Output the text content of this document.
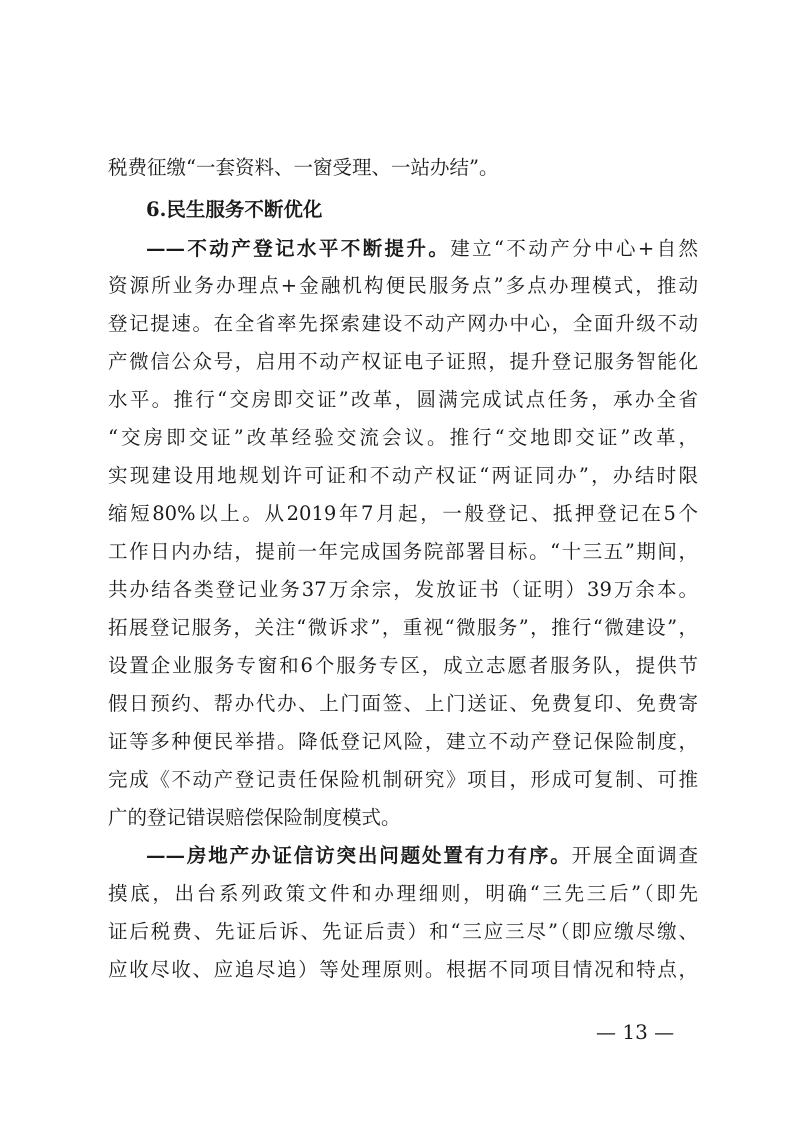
税费征缴“一套资料、一窗受理、一站办结”。
6.民生服务不断优化
——不动产登记水平不断提升。建立“不动产分中心+自然
资源所业务办理点+金融机构便民服务点”多点办理模式，推动
登记提速。在全省率先探索建设不动产网办中心，全面升级不动
产微信公众号，启用不动产权证电子证照，提升登记服务智能化
水平。推行“交房即交证”改革，圆满完成试点任务，承办全省
“交房即交证”改革经验交流会议。推行“交地即交证”改革，
实现建设用地规划许可证和不动产权证“两证同办”，办结时限
缩短80%以上。从2019年7月起，一般登记、抵押登记在5个
工作日内办结，提前一年完成国务院部署目标。“十三五”期间，
共办结各类登记业务37万余宗，发放证书（证明）39万余本。
拓展登记服务，关注“微诉求”，重视“微服务”，推行“微建设”，
设置企业服务专窗和6个服务专区，成立志愿者服务队，提供节
假日预约、帮办代办、上门面签、上门送证、免费复印、免费寄
证等多种便民举措。降低登记风险，建立不动产登记保险制度，
完成《不动产登记责任保险机制研究》项目，形成可复制、可推
广的登记错误赔偿保险制度模式。
——房地产办证信访突出问题处置有力有序。开展全面调查
摸底，出台系列政策文件和办理细则，明确“三先三后”（即先
证后税费、先证后诉、先证后责）和“三应三尽”（即应缴尽缴、
应收尽收、应追尽追）等处理原则。根据不同项目情况和特点，
— 13 —
